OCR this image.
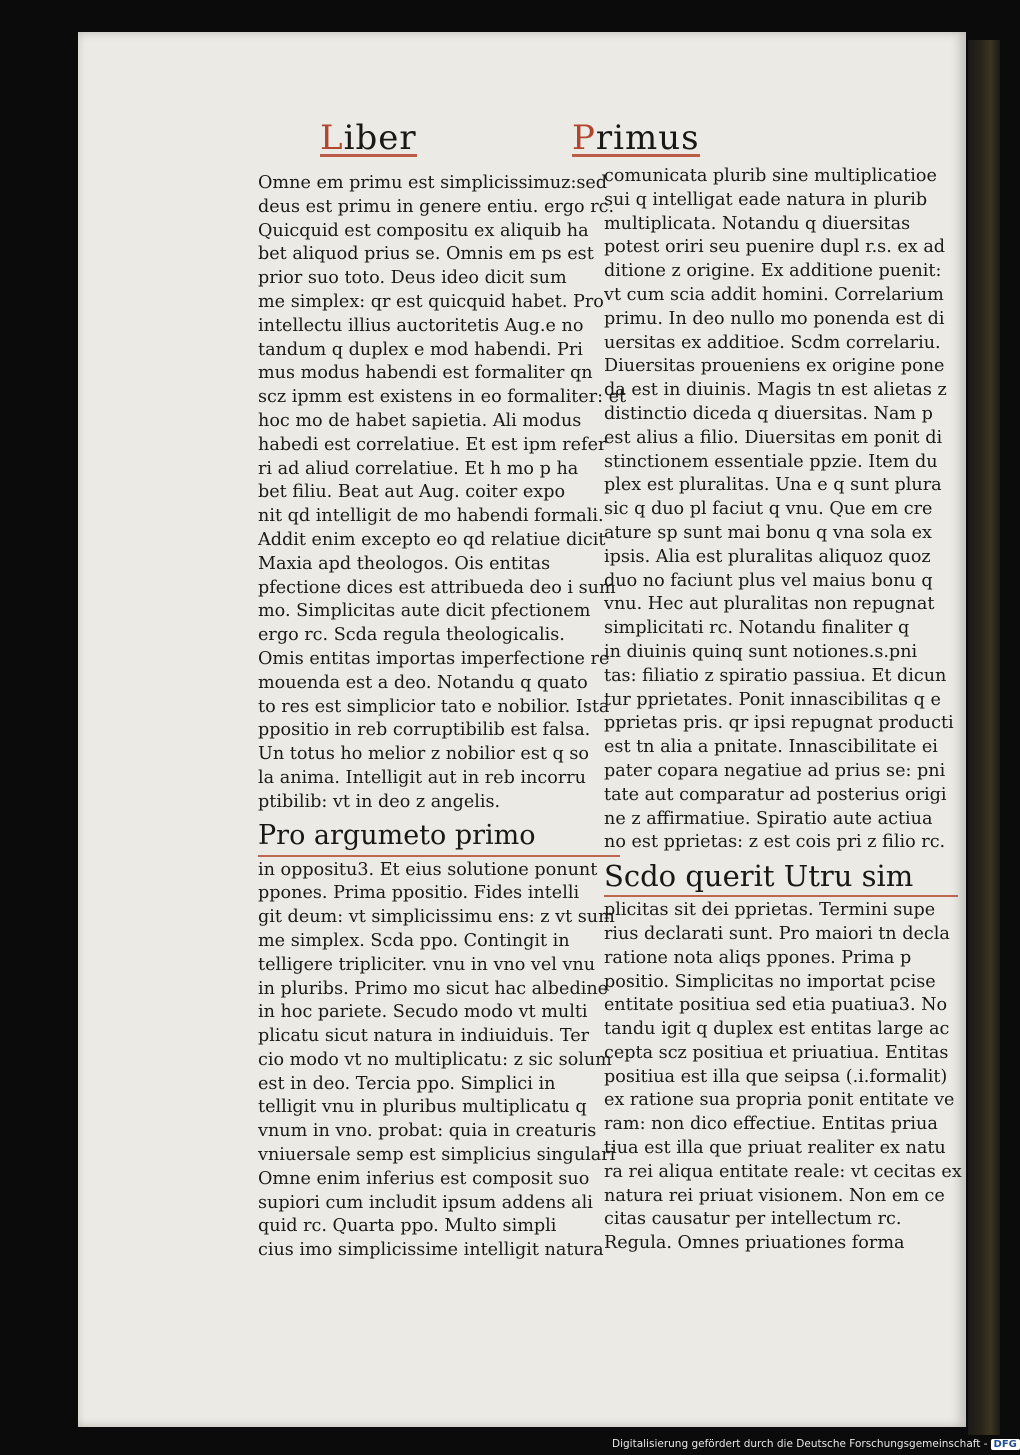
Liber	Primus
Omne em primu est simplicissimuz:sed
deus est primu in genere entiu. ergo rc.
Quicquid est compositu ex aliquib ha
bet aliquod prius se. Omnis em ps est
prior suo toto. Deus ideo dicit sum
me simplex: qr est quicquid habet. Pro
intellectu illius auctoritetis Aug.e no
tandum q duplex e mod habendi. Pri
mus modus habendi est formaliter qn
scz ipmm est existens in eo formaliter: et
hoc mo de habet sapietia. Ali modus
habedi est correlatiue. Et est ipm refer
ri ad aliud correlatiue. Et h mo p ha
bet filiu. Beat aut Aug. coiter expo
nit qd intelligit de mo habendi formali.
Addit enim excepto eo qd relatiue dicit
Maxia apd theologos. Ois entitas
pfectione dices est attribueda deo i sum
mo. Simplicitas aute dicit pfectionem
ergo rc. Scda regula theologicalis.
Omis entitas importas imperfectione re
mouenda est a deo. Notandu q quato
to res est simplicior tato e nobilior. Ista
ppositio in reb corruptibilib est falsa.
Un totus ho melior z nobilior est q so
la anima. Intelligit aut in reb incorru
ptibilib: vt in deo z angelis.
Pro argumeto primo
in oppositu3. Et eius solutione ponunt
ppones. Prima ppositio. Fides intelli
git deum: vt simplicissimu ens: z vt sum
me simplex. Scda ppo. Contingit in
telligere tripliciter. vnu in vno vel vnu
in pluribs. Primo mo sicut hac albedine
in hoc pariete. Secudo modo vt multi
plicatu sicut natura in indiuiduis. Ter
cio modo vt no multiplicatu: z sic solum
est in deo. Tercia ppo. Simplici in
telligit vnu in pluribus multiplicatu q
vnum in vno. probat: quia in creaturis
vniuersale semp est simplicius singulari
Omne enim inferius est composit suo
supiori cum includit ipsum addens ali
quid rc. Quarta ppo. Multo simpli
cius imo simplicissime intelligit natura
comunicata plurib sine multiplicatioe
sui q intelligat eade natura in plurib
multiplicata. Notandu q diuersitas
potest oriri seu puenire dupl r.s. ex ad
ditione z origine. Ex additione puenit:
vt cum scia addit homini. Correlarium
primu. In deo nullo mo ponenda est di
uersitas ex additioe. Scdm correlariu.
Diuersitas proueniens ex origine pone
da est in diuinis. Magis tn est alietas z
distinctio diceda q diuersitas. Nam p
est alius a filio. Diuersitas em ponit di
stinctionem essentiale ppzie. Item du
plex est pluralitas. Una e q sunt plura
sic q duo pl faciut q vnu. Que em cre
ature sp sunt mai bonu q vna sola ex
ipsis. Alia est pluralitas aliquoz quoz
duo no faciunt plus vel maius bonu q
vnu. Hec aut pluralitas non repugnat
simplicitati rc. Notandu finaliter q
in diuinis quinq sunt notiones.s.pni
tas: filiatio z spiratio passiua. Et dicun
tur pprietates. Ponit innascibilitas q e
pprietas pris. qr ipsi repugnat producti
est tn alia a pnitate. Innascibilitate ei
pater copara negatiue ad prius se: pni
tate aut comparatur ad posterius origi
ne z affirmatiue. Spiratio aute actiua
no est pprietas: z est cois pri z filio rc.
Scdo querit Utru sim
plicitas sit dei pprietas. Termini supe
rius declarati sunt. Pro maiori tn decla
ratione nota aliqs ppones. Prima p
positio. Simplicitas no importat pcise
entitate positiua sed etia puatiua3. No
tandu igit q duplex est entitas large ac
cepta scz positiua et priuatiua. Entitas
positiua est illa que seipsa (.i.formalit)
ex ratione sua propria ponit entitate ve
ram: non dico effectiue. Entitas priua
tiua est illa que priuat realiter ex natu
ra rei aliqua entitate reale: vt cecitas ex
natura rei priuat visionem. Non em ce
citas causatur per intellectum rc.
Regula. Omnes priuationes forma
Digitalisierung gefördert durch die Deutsche Forschungsgemeinschaft - DFG
